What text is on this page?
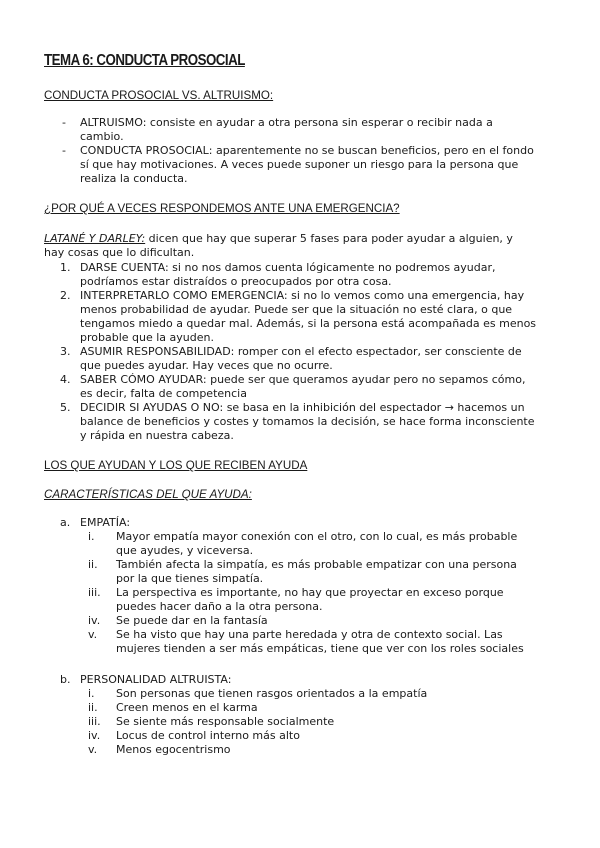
TEMA 6: CONDUCTA PROSOCIAL
CONDUCTA PROSOCIAL VS. ALTRUISMO:
- ALTRUISMO: consiste en ayudar a otra persona sin esperar o recibir nada a

cambio.

- CONDUCTA PROSOCIAL: aparentemente no se buscan beneficios, pero en el fondo

sí que hay motivaciones. A veces puede suponer un riesgo para la persona que

realiza la conducta.

¿POR QUÉ A VECES RESPONDEMOS ANTE UNA EMERGENCIA?

LATANÉ Y DARLEY: dicen que hay que superar 5 fases para poder ayudar a alguien, y

hay cosas que lo dificultan.

1. DARSE CUENTA: si no nos damos cuenta lógicamente no podremos ayudar,

podríamos estar distraídos o preocupados por otra cosa.

2. INTERPRETARLO COMO EMERGENCIA: si no lo vemos como una emergencia, hay

menos probabilidad de ayudar. Puede ser que la situación no esté clara, o que

tengamos miedo a quedar mal. Además, si la persona está acompañada es menos

probable que la ayuden.

3. ASUMIR RESPONSABILIDAD: romper con el efecto espectador, ser consciente de

que puedes ayudar. Hay veces que no ocurre.

4. SABER CÓMO AYUDAR: puede ser que queramos ayudar pero no sepamos cómo,

es decir, falta de competencia

5. DECIDIR SI AYUDAS O NO: se basa en la inhibición del espectador → hacemos un

balance de beneficios y costes y tomamos la decisión, se hace forma inconsciente

y rápida en nuestra cabeza.

LOS QUE AYUDAN Y LOS QUE RECIBEN AYUDA
CARACTERÍSTICAS DEL QUE AYUDA:

a. EMPATÍA:

i.	Mayor empatía mayor conexión con el otro, con lo cual, es más probable

que ayudes, y viceversa.

ii.	También afecta la simpatía, es más probable empatizar con una persona

por la que tienes simpatía.

iii.	La perspectiva es importante, no hay que proyectar en exceso porque

puedes hacer daño a la otra persona.

iv.	Se puede dar en la fantasía

v.	Se ha visto que hay una parte heredada y otra de contexto social. Las

mujeres tienden a ser más empáticas, tiene que ver con los roles sociales

b. PERSONALIDAD ALTRUISTA:

i.	Son personas que tienen rasgos orientados a la empatía

ii.	Creen menos en el karma

iii.	Se siente más responsable socialmente

iv.	Locus de control interno más alto

v.	Menos egocentrismo
